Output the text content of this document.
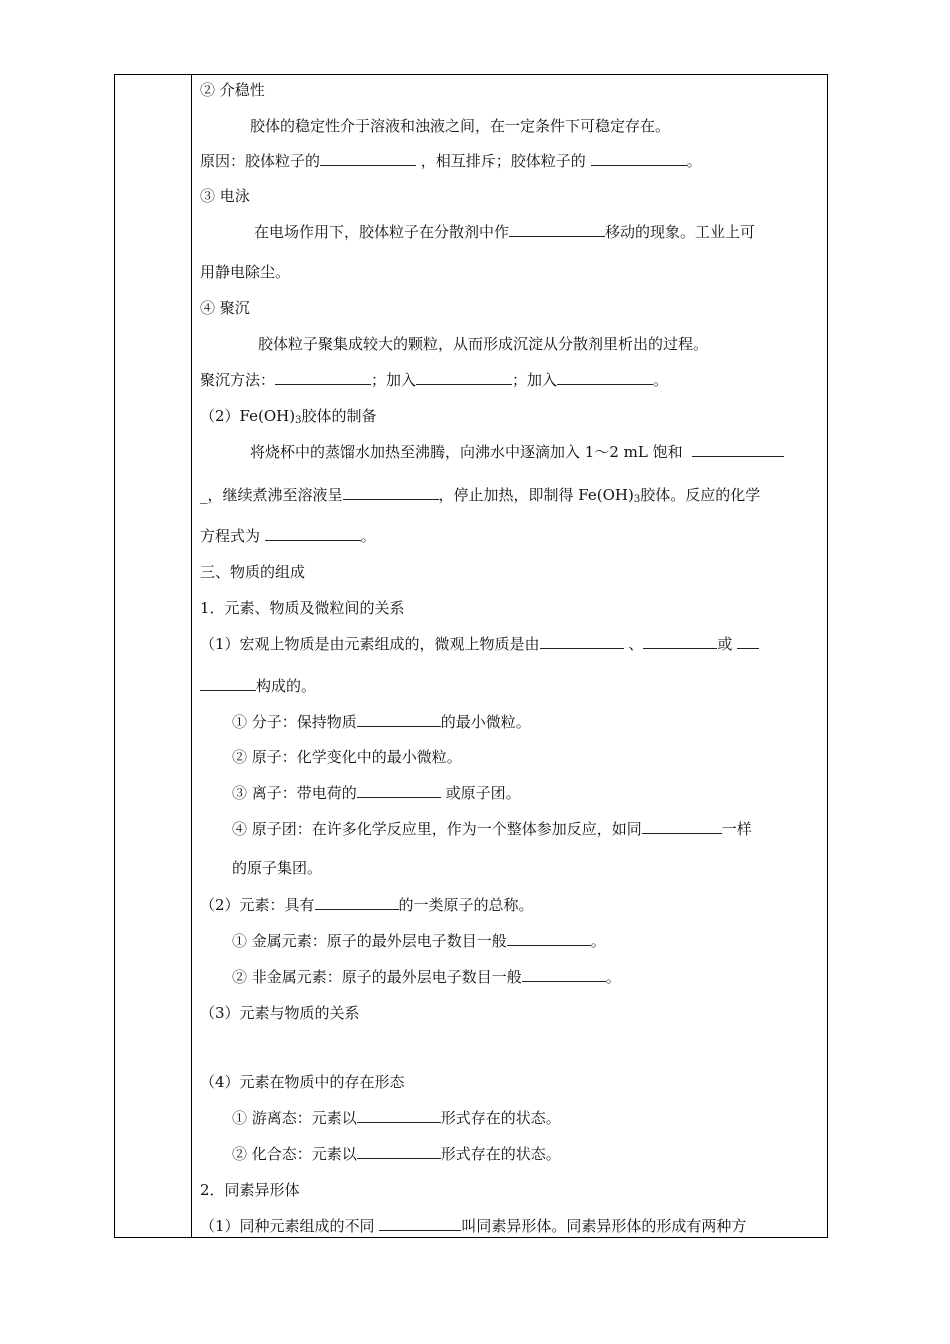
② 介稳性
胶体的稳定性介于溶液和浊液之间，在一定条件下可稳定存在。
原因：胶体粒子的	，相互排斥；胶体粒子的	。
③ 电泳
在电场作用下，胶体粒子在分散剂中作	移动的现象。工业上可
用静电除尘。
④ 聚沉
胶体粒子聚集成较大的颗粒，从而形成沉淀从分散剂里析出的过程。
聚沉方法：	；加入	；加入	。
$(2)Fe(OH)_3$胶体的制备
将烧杯中的蒸馏水加热至沸腾，向沸水中逐滴加入 1～2 mL 饱和
_，继续煮沸至溶液呈	，停止加热，即制得 $Fe(OH)_3$胶体。反应的化学
方程式为	。
三、物质的组成
1．元素、物质及微粒间的关系
（1）宏观上物质是由元素组成的，微观上物质是由	、	或
构成的。
① 分子：保持物质	的最小微粒。
② 原子：化学变化中的最小微粒。
③ 离子：带电荷的	或原子团。
④ 原子团：在许多化学反应里，作为一个整体参加反应，如同	一样
的原子集团。
（2）元素：具有	的一类原子的总称。
① 金属元素：原子的最外层电子数目一般	。
② 非金属元素：原子的最外层电子数目一般	。
（3）元素与物质的关系
（4）元素在物质中的存在形态
① 游离态：元素以	形式存在的状态。
② 化合态：元素以	形式存在的状态。
2．同素异形体
（1）同种元素组成的不同	叫同素异形体。同素异形体的形成有两种方
